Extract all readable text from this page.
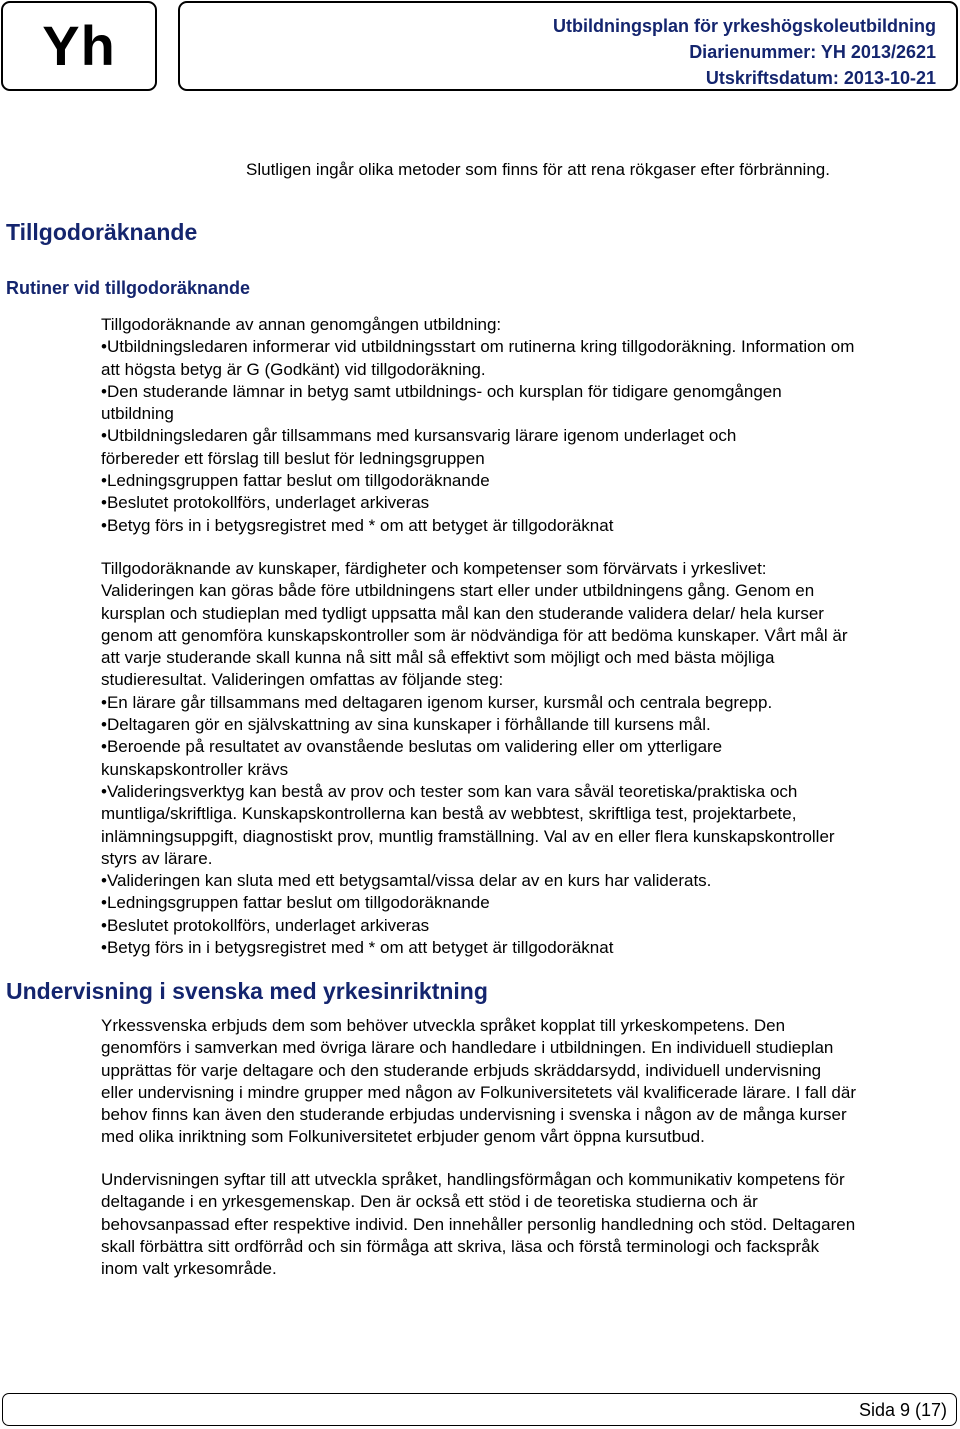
Yh	Utbildningsplan för yrkeshögskoleutbildning
Diarienummer: YH 2013/2621
Utskriftsdatum: 2013-10-21
Slutligen ingår olika metoder som finns för att rena rökgaser efter förbränning.
Tillgodoräknande
Rutiner vid tillgodoräknande

Tillgodoräknande av annan genomgången utbildning:

•Utbildningsledaren informerar vid utbildningsstart om rutinerna kring tillgodoräkning. Information om

att högsta betyg är G (Godkänt) vid tillgodoräkning.

•Den studerande lämnar in betyg samt utbildnings- och kursplan för tidigare genomgången

utbildning

•Utbildningsledaren går tillsammans med kursansvarig lärare igenom underlaget och

förbereder ett förslag till beslut för ledningsgruppen

•Ledningsgruppen fattar beslut om tillgodoräknande

•Beslutet protokollförs, underlaget arkiveras

•Betyg förs in i betygsregistret med * om att betyget är tillgodoräknat

Tillgodoräknande av kunskaper, färdigheter och kompetenser som förvärvats i yrkeslivet:

Valideringen kan göras både före utbildningens start eller under utbildningens gång. Genom en

kursplan och studieplan med tydligt uppsatta mål kan den studerande validera delar/ hela kurser

genom att genomföra kunskapskontroller som är nödvändiga för att bedöma kunskaper. Vårt mål är

att varje studerande skall kunna nå sitt mål så effektivt som möjligt och med bästa möjliga

studieresultat. Valideringen omfattas av följande steg:

•En lärare går tillsammans med deltagaren igenom kurser, kursmål och centrala begrepp.

•Deltagaren gör en självskattning av sina kunskaper i förhållande till kursens mål.

•Beroende på resultatet av ovanstående beslutas om validering eller om ytterligare

kunskapskontroller krävs

•Valideringsverktyg kan bestå av prov och tester som kan vara såväl teoretiska/praktiska och

muntliga/skriftliga. Kunskapskontrollerna kan bestå av webbtest, skriftliga test, projektarbete,

inlämningsuppgift, diagnostiskt prov, muntlig framställning. Val av en eller flera kunskapskontroller

styrs av lärare.

•Valideringen kan sluta med ett betygsamtal/vissa delar av en kurs har validerats.

•Ledningsgruppen fattar beslut om tillgodoräknande

•Beslutet protokollförs, underlaget arkiveras

•Betyg förs in i betygsregistret med * om att betyget är tillgodoräknat

Undervisning i svenska med yrkesinriktning

Yrkessvenska erbjuds dem som behöver utveckla språket kopplat till yrkeskompetens. Den

genomförs i samverkan med övriga lärare och handledare i utbildningen. En individuell studieplan

upprättas för varje deltagare och den studerande erbjuds skräddarsydd, individuell undervisning

eller undervisning i mindre grupper med någon av Folkuniversitetets väl kvalificerade lärare. I fall där

behov finns kan även den studerande erbjudas undervisning i svenska i någon av de många kurser

med olika inriktning som Folkuniversitetet erbjuder genom vårt öppna kursutbud.

Undervisningen syftar till att utveckla språket, handlingsförmågan och kommunikativ kompetens för

deltagande i en yrkesgemenskap. Den är också ett stöd i de teoretiska studierna och är

behovsanpassad efter respektive individ. Den innehåller personlig handledning och stöd. Deltagaren

skall förbättra sitt ordförråd och sin förmåga att skriva, läsa och förstå terminologi och fackspråk

inom valt yrkesområde.

Sida 9 (17)
